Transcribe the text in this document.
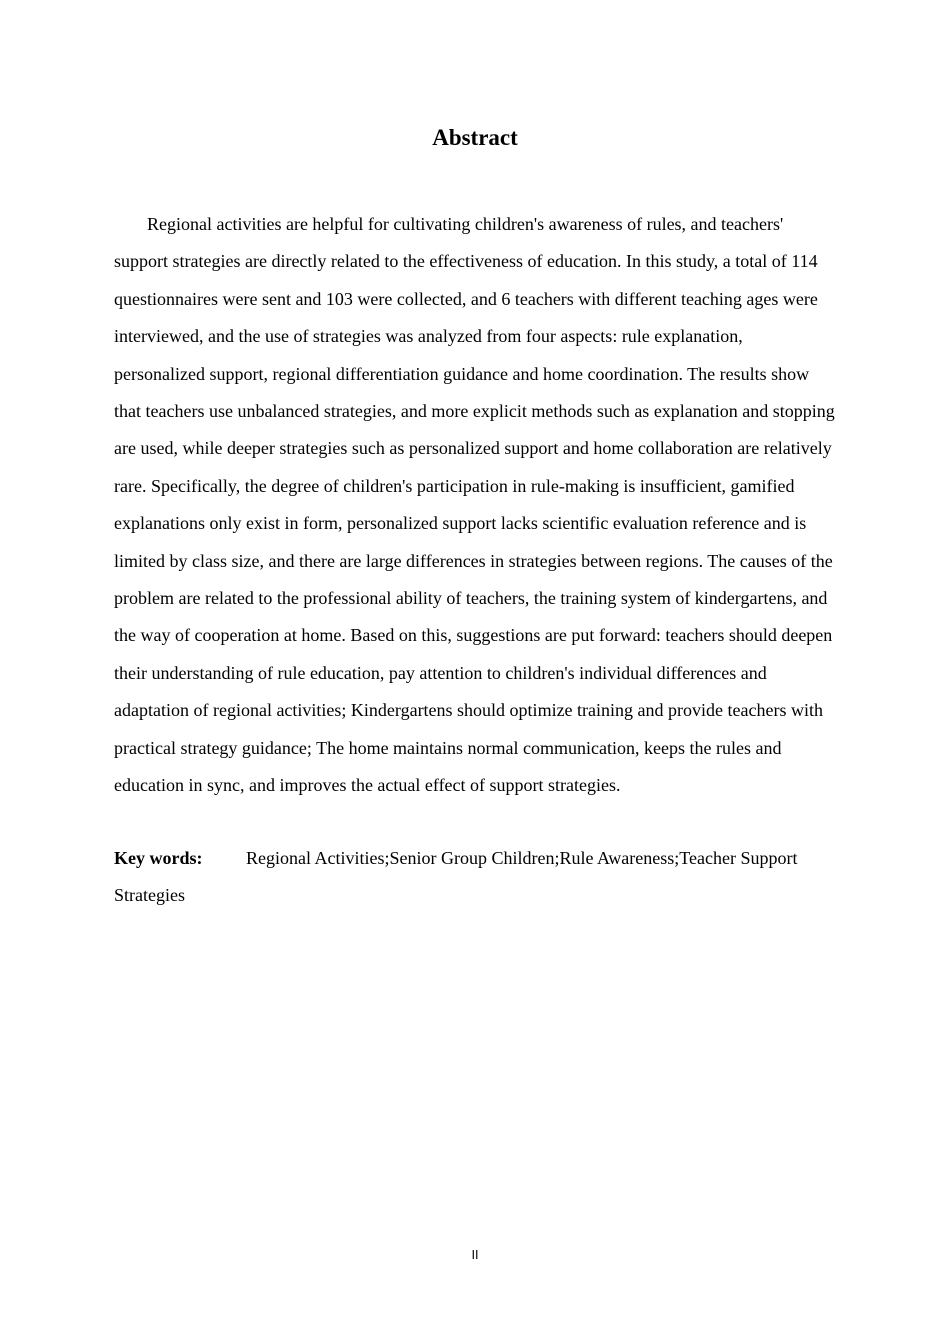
Abstract

Regional activities are helpful for cultivating children's awareness of rules, and teachers' support strategies are directly related to the effectiveness of education. In this study, a total of 114 questionnaires were sent and 103 were collected, and 6 teachers with different teaching ages were interviewed, and the use of strategies was analyzed from four aspects: rule explanation, personalized support, regional differentiation guidance and home coordination. The results show that teachers use unbalanced strategies, and more explicit methods such as explanation and stopping are used, while deeper strategies such as personalized support and home collaboration are relatively rare. Specifically, the degree of children's participation in rule-making is insufficient, gamified explanations only exist in form, personalized support lacks scientific evaluation reference and is limited by class size, and there are large differences in strategies between regions. The causes of the problem are related to the professional ability of teachers, the training system of kindergartens, and the way of cooperation at home. Based on this, suggestions are put forward: teachers should deepen their understanding of rule education, pay attention to children's individual differences and adaptation of regional activities; Kindergartens should optimize training and provide teachers with practical strategy guidance; The home maintains normal communication, keeps the rules and education in sync, and improves the actual effect of support strategies.

Key words: Regional Activities;Senior Group Children;Rule Awareness;Teacher Support Strategies

II
